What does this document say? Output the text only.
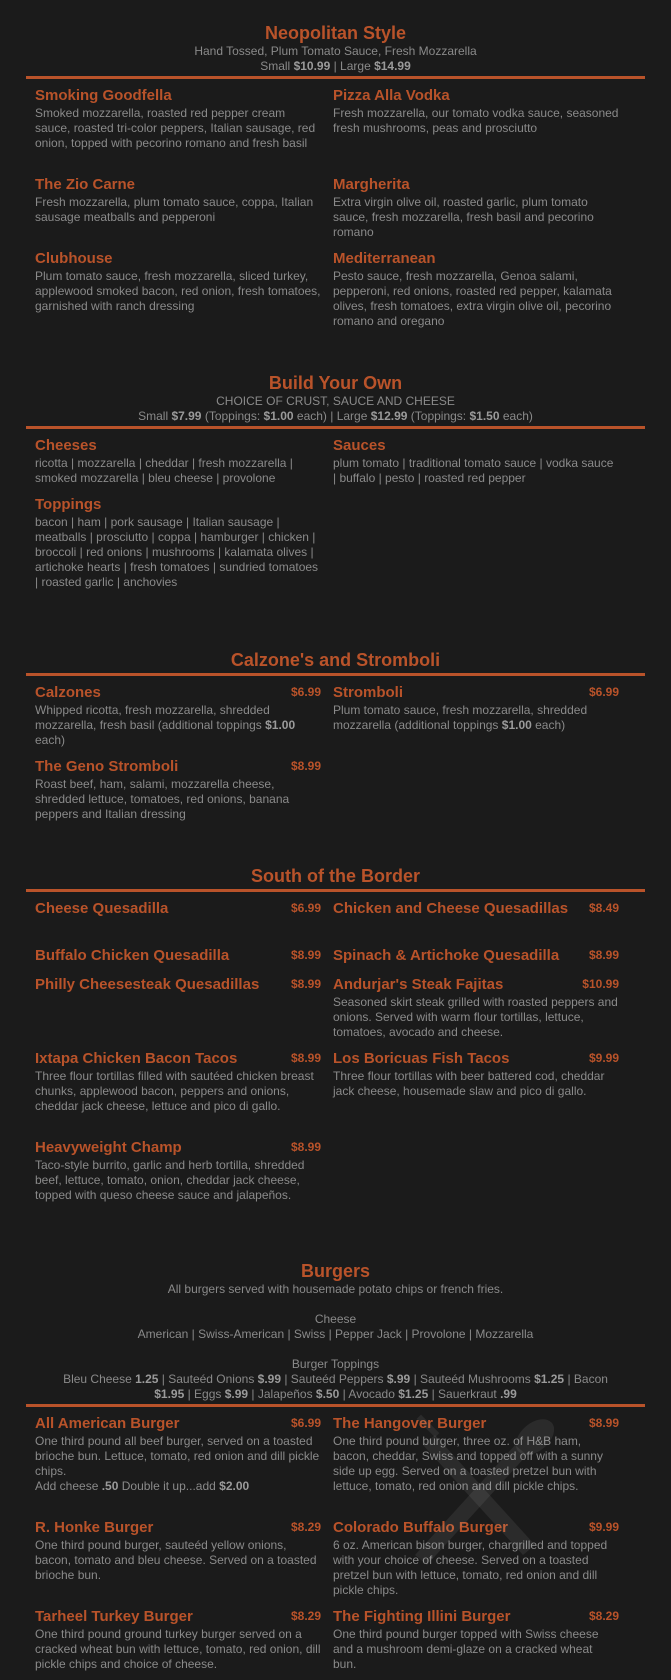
Neopolitan Style
Hand Tossed, Plum Tomato Sauce, Fresh Mozzarella
Small $10.99 | Large $14.99
Smoking Goodfella
Smoked mozzarella, roasted red pepper cream sauce, roasted tri-color peppers, Italian sausage, red onion, topped with pecorino romano and fresh basil
Pizza Alla Vodka
Fresh mozzarella, our tomato vodka sauce, seasoned fresh mushrooms, peas and prosciutto
The Zio Carne
Fresh mozzarella, plum tomato sauce, coppa, Italian sausage meatballs and pepperoni
Margherita
Extra virgin olive oil, roasted garlic, plum tomato sauce, fresh mozzarella, fresh basil and pecorino romano
Clubhouse
Plum tomato sauce, fresh mozzarella, sliced turkey, applewood smoked bacon, red onion, fresh tomatoes, garnished with ranch dressing
Mediterranean
Pesto sauce, fresh mozzarella, Genoa salami, pepperoni, red onions, roasted red pepper, kalamata olives, fresh tomatoes, extra virgin olive oil, pecorino romano and oregano
Build Your Own
CHOICE OF CRUST, SAUCE AND CHEESE
Small $7.99 (Toppings: $1.00 each) | Large $12.99 (Toppings: $1.50 each)
Cheeses
ricotta | mozzarella | cheddar | fresh mozzarella | smoked mozzarella | bleu cheese | provolone
Sauces
plum tomato | traditional tomato sauce | vodka sauce | buffalo | pesto | roasted red pepper
Toppings
bacon | ham | pork sausage | Italian sausage | meatballs | prosciutto | coppa | hamburger | chicken | broccoli | red onions | mushrooms | kalamata olives | artichoke hearts | fresh tomatoes | sundried tomatoes | roasted garlic | anchovies
Calzone's and Stromboli
Calzones	$6.99
Whipped ricotta, fresh mozzarella, shredded mozzarella, fresh basil (additional toppings $1.00 each)
Stromboli	$6.99
Plum tomato sauce, fresh mozzarella, shredded mozzarella (additional toppings $1.00 each)
The Geno Stromboli	$8.99
Roast beef, ham, salami, mozzarella cheese, shredded lettuce, tomatoes, red onions, banana peppers and Italian dressing
South of the Border
Cheese Quesadilla	$6.99 Chicken and Cheese Quesadillas	$8.49
Buffalo Chicken Quesadilla	$8.99 Spinach & Artichoke Quesadilla	$8.99
Philly Cheesesteak Quesadillas	$8.99 Andurjar's Steak Fajitas	$10.99
Seasoned skirt steak grilled with roasted peppers and onions. Served with warm flour tortillas, lettuce, tomatoes, avocado and cheese.
Ixtapa Chicken Bacon Tacos	$8.99
Three flour tortillas filled with sautéed chicken breast chunks, applewood bacon, peppers and onions, cheddar jack cheese, lettuce and pico di gallo.
Los Boricuas Fish Tacos	$9.99
Three flour tortillas with beer battered cod, cheddar jack cheese, housemade slaw and pico di gallo.
Heavyweight Champ	$8.99
Taco-style burrito, garlic and herb tortilla, shredded beef, lettuce, tomato, onion, cheddar jack cheese, topped with queso cheese sauce and jalapeños.
Burgers
All burgers served with housemade potato chips or french fries.
Cheese
American | Swiss-American | Swiss | Pepper Jack | Provolone | Mozzarella
Burger Toppings
Bleu Cheese 1.25 | Sauteéd Onions $.99 | Sauteéd Peppers $.99 | Sauteéd Mushrooms $1.25 | Bacon
$1.95 | Eggs $.99 | Jalapeños $.50 | Avocado $1.25 | Sauerkraut .99
All American Burger	$6.99
One third pound all beef burger, served on a toasted brioche bun. Lettuce, tomato, red onion and dill pickle chips.
Add cheese .50 Double it up...add $2.00
The Hangover Burger	$8.99
One third pound burger, three oz. of H&B ham, bacon, cheddar, Swiss and topped off with a sunny side up egg. Served on a toasted pretzel bun with lettuce, tomato, red onion and dill pickle chips.
R. Honke Burger	$8.29
One third pound burger, sauteéd yellow onions, bacon, tomato and bleu cheese. Served on a toasted brioche bun.
Colorado Buffalo Burger	$9.99
6 oz. American bison burger, chargrilled and topped with your choice of cheese. Served on a toasted pretzel bun with lettuce, tomato, red onion and dill pickle chips.
Tarheel Turkey Burger	$8.29
One third pound ground turkey burger served on a cracked wheat bun with lettuce, tomato, red onion, dill pickle chips and choice of cheese.
The Fighting Illini Burger	$8.29
One third pound burger topped with Swiss cheese and a mushroom demi-glaze on a cracked wheat bun.
